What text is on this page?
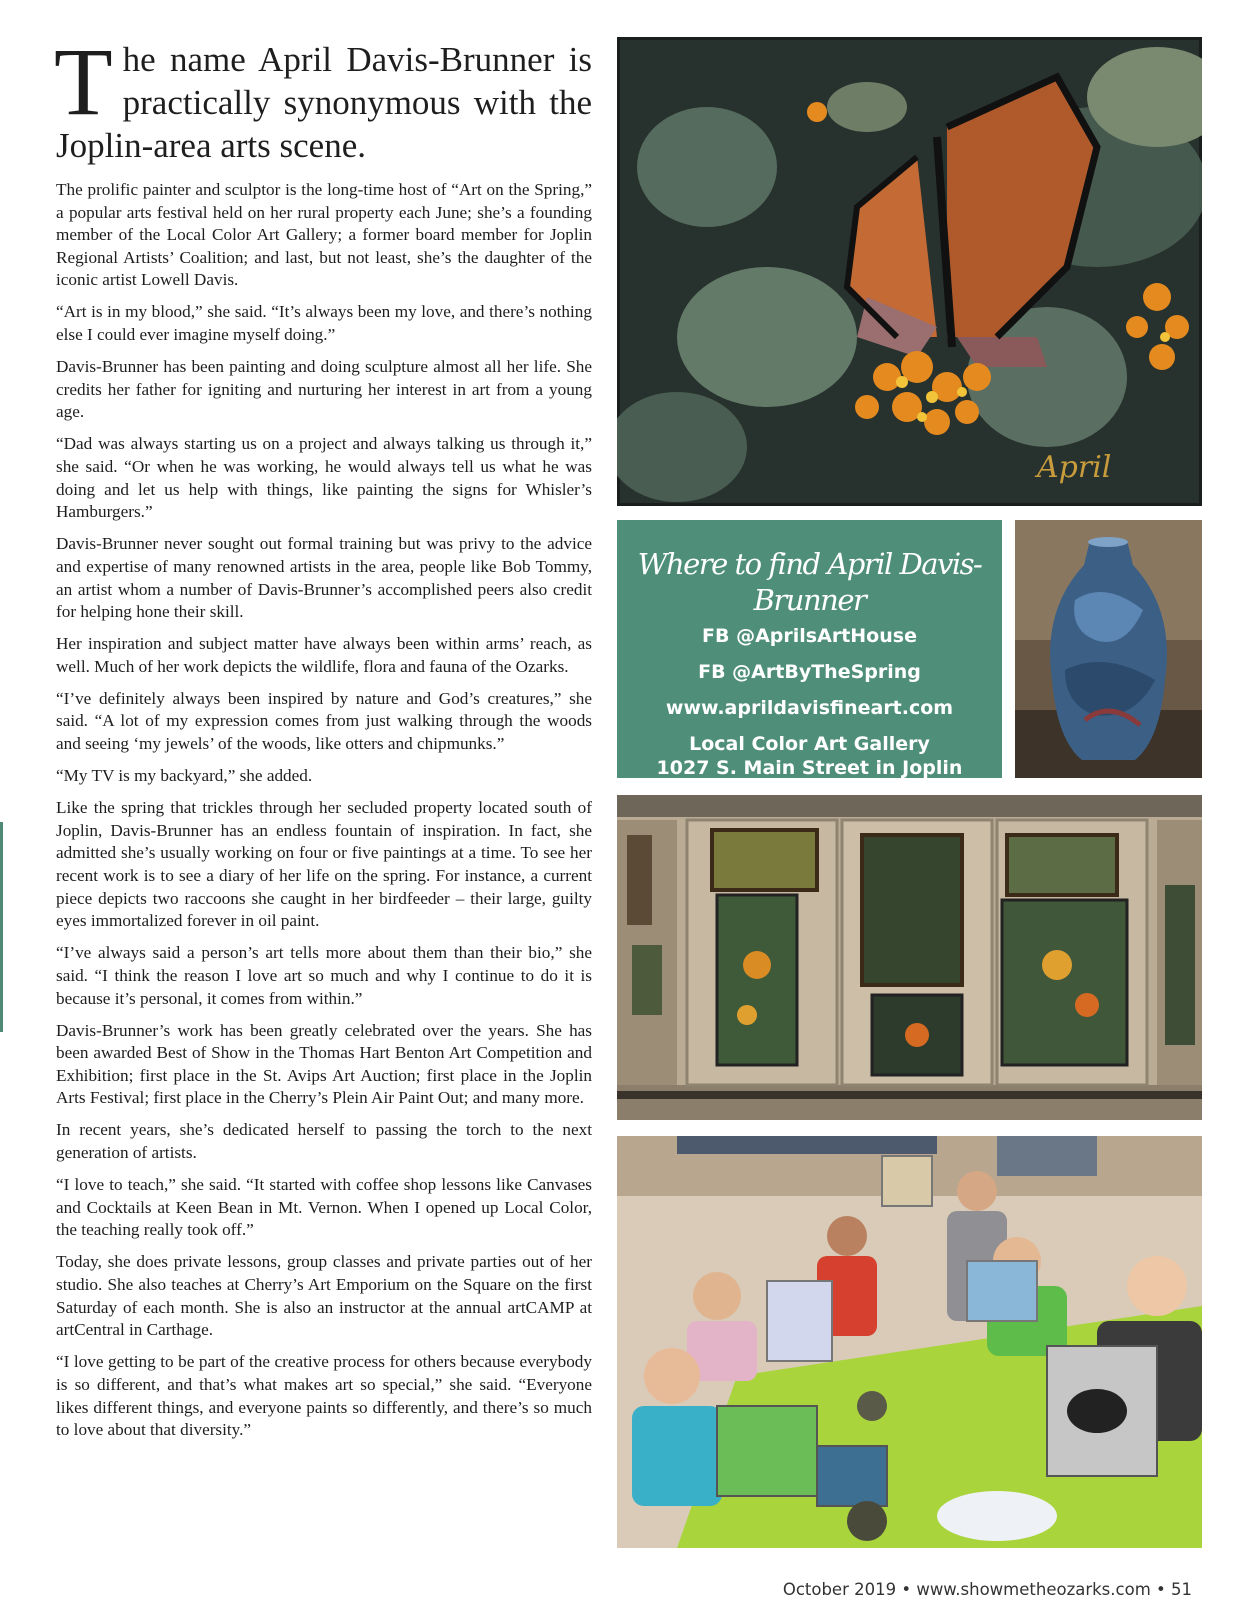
The name April Davis-Brunner is practically synonymous with the Joplin-area arts scene.

The prolific painter and sculptor is the long-time host of “Art on the Spring,” a popular arts festival held on her rural property each June; she’s a founding member of the Local Color Art Gallery; a former board member for Joplin Regional Artists’ Coalition; and last, but not least, she’s the daughter of the iconic artist Lowell Davis.

“Art is in my blood,” she said. “It’s always been my love, and there’s nothing else I could ever imagine myself doing.”

Davis-Brunner has been painting and doing sculpture almost all her life. She credits her father for igniting and nurturing her interest in art from a young age.

“Dad was always starting us on a project and always talking us through it,” she said. “Or when he was working, he would always tell us what he was doing and let us help with things, like painting the signs for Whisler’s Hamburgers.”

Davis-Brunner never sought out formal training but was privy to the advice and expertise of many renowned artists in the area, people like Bob Tommy, an artist whom a number of Davis-Brunner’s accomplished peers also credit for helping hone their skill.

Her inspiration and subject matter have always been within arms’ reach, as well. Much of her work depicts the wildlife, flora and fauna of the Ozarks.

“I’ve definitely always been inspired by nature and God’s creatures,” she said. “A lot of my expression comes from just walking through the woods and seeing ‘my jewels’ of the woods, like otters and chipmunks.”

“My TV is my backyard,” she added.

Like the spring that trickles through her secluded property located south of Joplin, Davis-Brunner has an endless fountain of inspiration. In fact, she admitted she’s usually working on four or five paintings at a time. To see her recent work is to see a diary of her life on the spring. For instance, a current piece depicts two raccoons she caught in her birdfeeder – their large, guilty eyes immortalized forever in oil paint.

“I’ve always said a person’s art tells more about them than their bio,” she said. “I think the reason I love art so much and why I continue to do it is because it’s personal, it comes from within.”

Davis-Brunner’s work has been greatly celebrated over the years. She has been awarded Best of Show in the Thomas Hart Benton Art Competition and Exhibition; first place in the St. Avips Art Auction; first place in the Joplin Arts Festival; first place in the Cherry’s Plein Air Paint Out; and many more.

In recent years, she’s dedicated herself to passing the torch to the next generation of artists.

“I love to teach,” she said. “It started with coffee shop lessons like Canvases and Cocktails at Keen Bean in Mt. Vernon. When I opened up Local Color, the teaching really took off.”

Today, she does private lessons, group classes and private parties out of her studio. She also teaches at Cherry’s Art Emporium on the Square on the first Saturday of each month. She is also an instructor at the annual artCAMP at artCentral in Carthage.

“I love getting to be part of the creative process for others because everybody is so different, and that’s what makes art so special,” she said. “Everyone likes different things, and everyone paints so differently, and there’s so much to love about that diversity.”

April
Where to find April Davis-Brunner
FB @AprilsArtHouse
FB @ArtByTheSpring
www.aprildavisfineart.com
Local Color Art Gallery
1027 S. Main Street in Joplin
October 2019 • www.showmetheozarks.com • 51
